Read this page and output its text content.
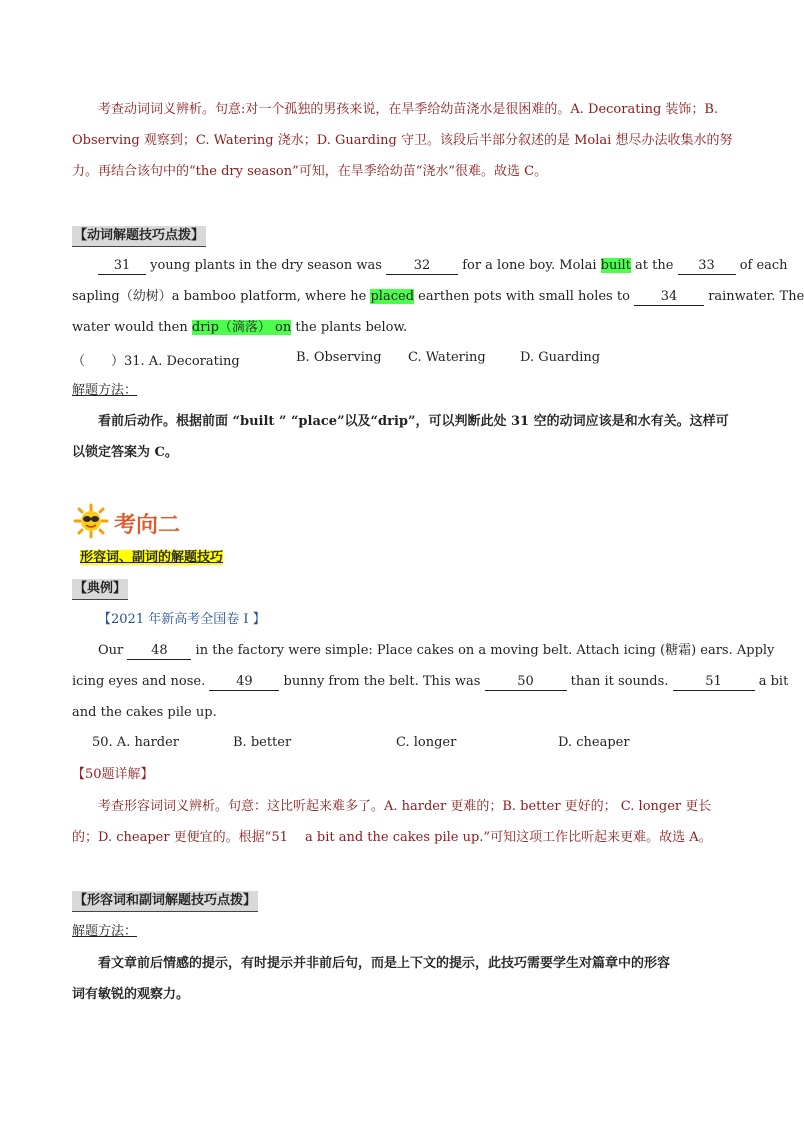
考查动词词义辨析。句意:对一个孤独的男孩来说，在旱季给幼苗浇水是很困难的。A. Decorating 装饰；B.
Observing 观察到；C. Watering 浇水；D. Guarding 守卫。该段后半部分叙述的是 Molai 想尽办法收集水的努
力。再结合该句中的“the dry season”可知，在旱季给幼苗“浇水”很难。故选 C。
【动词解题技巧点拨】
31 young plants in the dry season was 32 for a lone boy. Molai built at the 33 of each
sapling（幼树）a bamboo platform, where he placed earthen pots with small holes to 34 rainwater. The
water would then drip（滴落） on the plants below.
（　　）31. A. Decorating	B. Observing C. Watering	D. Guarding
解题方法：
看前后动作。根据前面 “built ” “place”以及“drip”，可以判断此处 31 空的动词应该是和水有关。这样可
以锁定答案为 C。
考向二
形容词、副词的解题技巧
【典例】
【2021 年新高考全国卷 I 】
Our 48 in the factory were simple: Place cakes on a moving belt. Attach icing (糖霜) ears. Apply
icing eyes and nose. 49 bunny from the belt. This was	50	than it sounds.	51	a bit
and the cakes pile up.
50. A. harder	B. better	C. longer	D. cheaper
【50题详解】
考查形容词词义辨析。句意：这比听起来难多了。A. harder 更难的；B. better 更好的； C. longer 更长
的；D. cheaper 更便宜的。根据“51　 a bit and the cakes pile up.”可知这项工作比听起来更难。故选 A。
【形容词和副词解题技巧点拨】
解题方法：
看文章前后情感的提示，有时提示并非前后句，而是上下文的提示，此技巧需要学生对篇章中的形容
词有敏锐的观察力。
